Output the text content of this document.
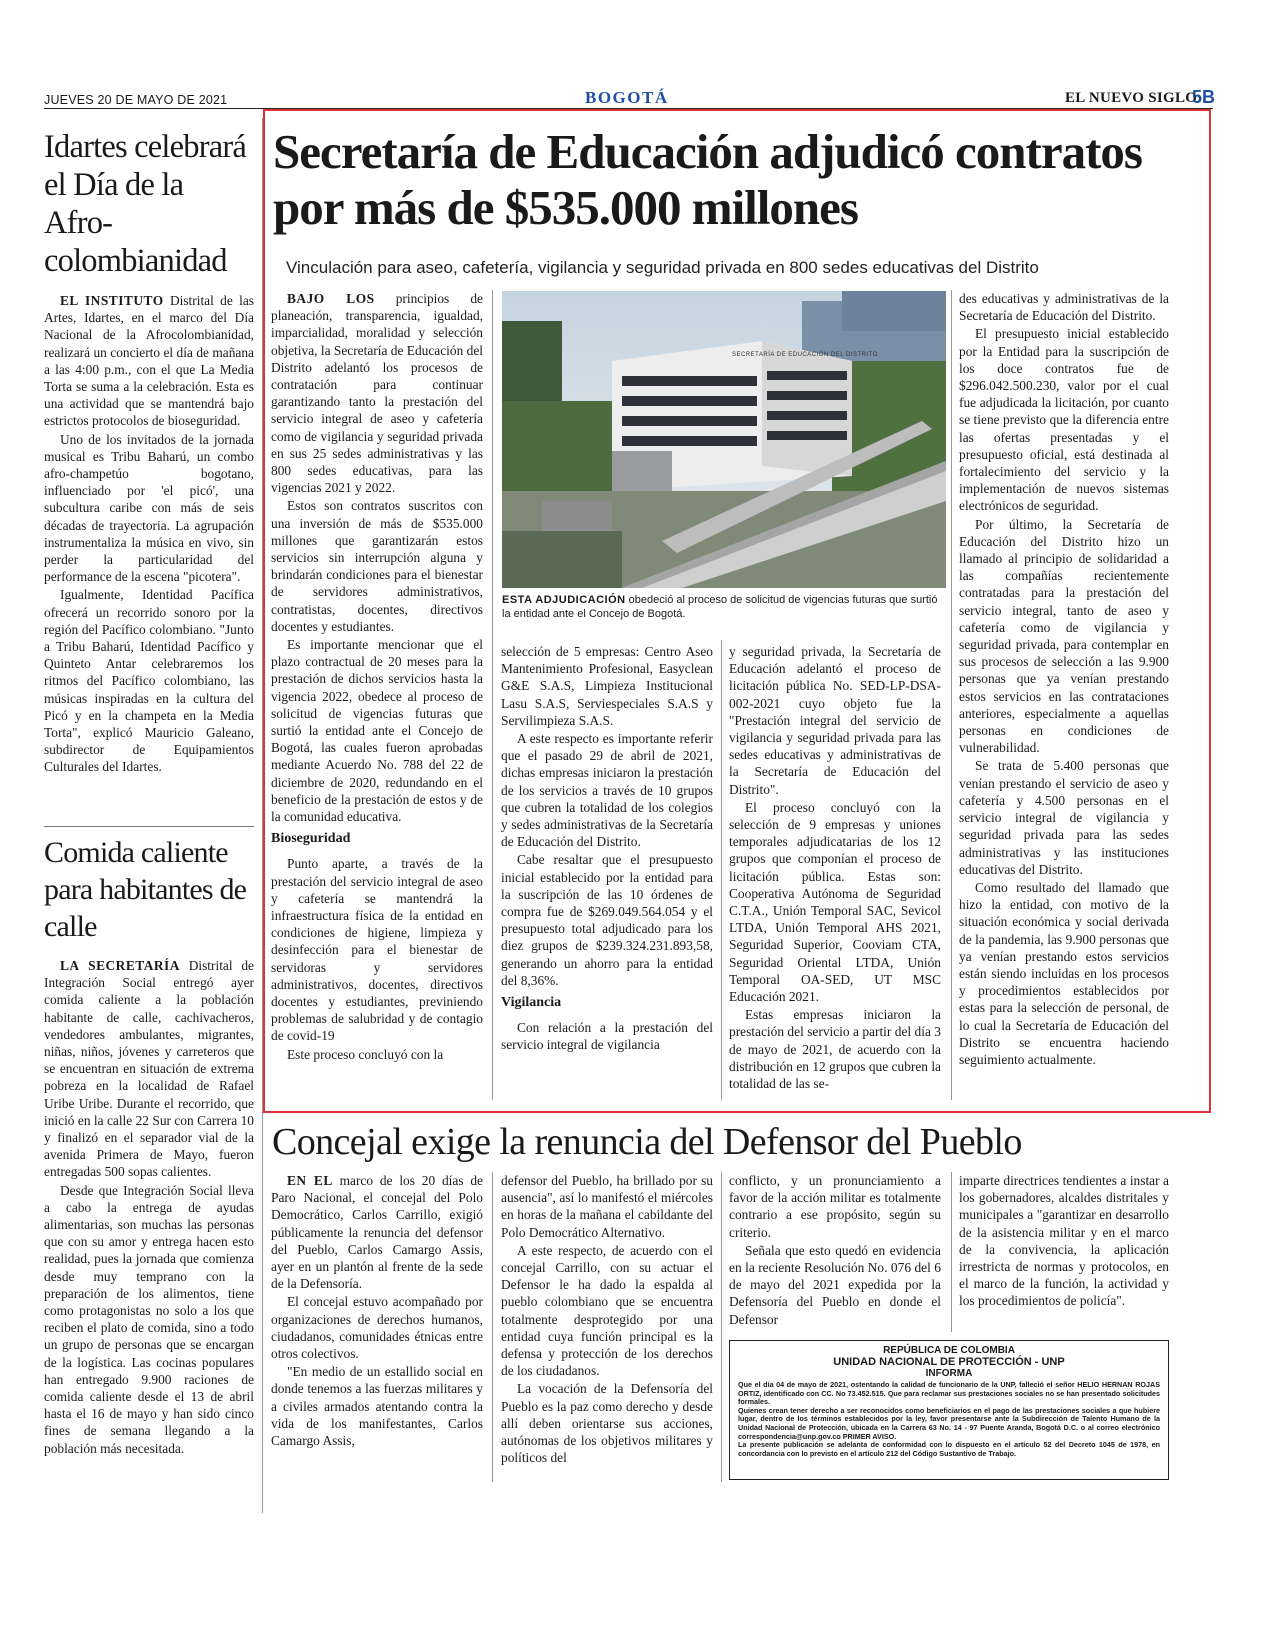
JUEVES 20 DE MAYO DE 2021	BOGOTÁ	EL NUEVO SIGLO
5B
Idartes celebrará el Día de la Afro-colombianidad

EL INSTITUTO Distrital de las Artes, Idartes, en el marco del Día Nacional de la Afrocolombianidad, realizará un concierto el día de mañana a las 4:00 p.m., con el que La Media Torta se suma a la celebración. Esta es una actividad que se mantendrá bajo estrictos protocolos de bioseguridad.

Uno de los invitados de la jornada musical es Tribu Baharú, un combo afro-champetúo bogotano, influenciado por 'el picó', una subcultura caribe con más de seis décadas de trayectoria. La agrupación instrumentaliza la música en vivo, sin perder la particularidad del performance de la escena "picotera".

Igualmente, Identidad Pacífica ofrecerá un recorrido sonoro por la región del Pacífico colombiano. "Junto a Tribu Baharú, Identidad Pacífico y Quinteto Antar celebraremos los ritmos del Pacífico colombiano, las músicas inspiradas en la cultura del Picó y en la champeta en la Media Torta", explicó Mauricio Galeano, subdirector de Equipamientos Culturales del Idartes.

Comida caliente para habitantes de calle

LA SECRETARÍA Distrital de Integración Social entregó ayer comida caliente a la población habitante de calle, cachivacheros, vendedores ambulantes, migrantes, niñas, niños, jóvenes y carreteros que se encuentran en situación de extrema pobreza en la localidad de Rafael Uribe Uribe. Durante el recorrido, que inició en la calle 22 Sur con Carrera 10 y finalizó en el separador vial de la avenida Primera de Mayo, fueron entregadas 500 sopas calientes.

Desde que Integración Social lleva a cabo la entrega de ayudas alimentarias, son muchas las personas que con su amor y entrega hacen esto realidad, pues la jornada que comienza desde muy temprano con la preparación de los alimentos, tiene como protagonistas no solo a los que reciben el plato de comida, sino a todo un grupo de personas que se encargan de la logística. Las cocinas populares han entregado 9.900 raciones de comida caliente desde el 13 de abril hasta el 16 de mayo y han sido cinco fines de semana llegando a la población más necesitada.

Secretaría de Educación adjudicó contratos por más de $535.000 millones
Vinculación para aseo, cafetería, vigilancia y seguridad privada en 800 sedes educativas del Distrito

BAJO LOS principios de planeación, transparencia, igualdad, imparcialidad, moralidad y selección objetiva, la Secretaría de Educación del Distrito adelantó los procesos de contratación para continuar garantizando tanto la prestación del servicio integral de aseo y cafetería como de vigilancia y seguridad privada en sus 25 sedes administrativas y las 800 sedes educativas, para las vigencias 2021 y 2022.

Estos son contratos suscritos con una inversión de más de $535.000 millones que garantizarán estos servicios sin interrupción alguna y brindarán condiciones para el bienestar de servidores administrativos, contratistas, docentes, directivos docentes y estudiantes.

Es importante mencionar que el plazo contractual de 20 meses para la prestación de dichos servicios hasta la vigencia 2022, obedece al proceso de solicitud de vigencias futuras que surtió la entidad ante el Concejo de Bogotá, las cuales fueron aprobadas mediante Acuerdo No. 788 del 22 de diciembre de 2020, redundando en el beneficio de la prestación de estos y de la comunidad educativa.

Bioseguridad

Punto aparte, a través de la prestación del servicio integral de aseo y cafetería se mantendrá la infraestructura física de la entidad en condiciones de higiene, limpieza y desinfección para el bienestar de servidoras y servidores administrativos, docentes, directivos docentes y estudiantes, previniendo problemas de salubridad y de contagio de covid-19

Este proceso concluyó con la

SECRETARÍA DE EDUCACIÓN DEL DISTRITO
ESTA ADJUDICACIÓN obedeció al proceso de solicitud de vigencias futuras que surtió la entidad ante el Concejo de Bogotá.

selección de 5 empresas: Centro Aseo Mantenimiento Profesional, Easyclean G&E S.A.S, Limpieza Institucional Lasu S.A.S, Serviespeciales S.A.S y Servilimpieza S.A.S.

A este respecto es importante referir que el pasado 29 de abril de 2021, dichas empresas iniciaron la prestación de los servicios a través de 10 grupos que cubren la totalidad de los colegios y sedes administrativas de la Secretaría de Educación del Distrito.

Cabe resaltar que el presupuesto inicial establecido por la entidad para la suscripción de las 10 órdenes de compra fue de $269.049.564.054 y el presupuesto total adjudicado para los diez grupos de $239.324.231.893,58, generando un ahorro para la entidad del 8,36%.

Vigilancia

Con relación a la prestación del servicio integral de vigilancia

y seguridad privada, la Secretaría de Educación adelantó el proceso de licitación pública No. SED-LP-DSA-002-2021 cuyo objeto fue la "Prestación integral del servicio de vigilancia y seguridad privada para las sedes educativas y administrativas de la Secretaría de Educación del Distrito".

El proceso concluyó con la selección de 9 empresas y uniones temporales adjudicatarias de los 12 grupos que componían el proceso de licitación pública. Estas son: Cooperativa Autónoma de Seguridad C.T.A., Unión Temporal SAC, Sevicol LTDA, Unión Temporal AHS 2021, Seguridad Superior, Cooviam CTA, Seguridad Oriental LTDA, Unión Temporal OA-SED, UT MSC Educación 2021.

Estas empresas iniciaron la prestación del servicio a partir del día 3 de mayo de 2021, de acuerdo con la distribución en 12 grupos que cubren la totalidad de las se-

des educativas y administrativas de la Secretaría de Educación del Distrito.

El presupuesto inicial establecido por la Entidad para la suscripción de los doce contratos fue de $296.042.500.230, valor por el cual fue adjudicada la licitación, por cuanto se tiene previsto que la diferencia entre las ofertas presentadas y el presupuesto oficial, está destinada al fortalecimiento del servicio y la implementación de nuevos sistemas electrónicos de seguridad.

Por último, la Secretaría de Educación del Distrito hizo un llamado al principio de solidaridad a las compañías recientemente contratadas para la prestación del servicio integral, tanto de aseo y cafetería como de vigilancia y seguridad privada, para contemplar en sus procesos de selección a las 9.900 personas que ya venían prestando estos servicios en las contrataciones anteriores, especialmente a aquellas personas en condiciones de vulnerabilidad.

Se trata de 5.400 personas que venían prestando el servicio de aseo y cafetería y 4.500 personas en el servicio integral de vigilancia y seguridad privada para las sedes administrativas y las instituciones educativas del Distrito.

Como resultado del llamado que hizo la entidad, con motivo de la situación económica y social derivada de la pandemia, las 9.900 personas que ya venían prestando estos servicios están siendo incluidas en los procesos y procedimientos establecidos por estas para la selección de personal, de lo cual la Secretaría de Educación del Distrito se encuentra haciendo seguimiento actualmente.

Concejal exige la renuncia del Defensor del Pueblo

EN EL marco de los 20 días de Paro Nacional, el concejal del Polo Democrático, Carlos Carrillo, exigió públicamente la renuncia del defensor del Pueblo, Carlos Camargo Assis, ayer en un plantón al frente de la sede de la Defensoría.

El concejal estuvo acompañado por organizaciones de derechos humanos, ciudadanos, comunidades étnicas entre otros colectivos.

"En medio de un estallido social en donde tenemos a las fuerzas militares y a civiles armados atentando contra la vida de los manifestantes, Carlos Camargo Assis,

defensor del Pueblo, ha brillado por su ausencia", así lo manifestó el miércoles en horas de la mañana el cabildante del Polo Democrático Alternativo.

A este respecto, de acuerdo con el concejal Carrillo, con su actuar el Defensor le ha dado la espalda al pueblo colombiano que se encuentra totalmente desprotegido por una entidad cuya función principal es la defensa y protección de los derechos de los ciudadanos.

La vocación de la Defensoría del Pueblo es la paz como derecho y desde allí deben orientarse sus acciones, autónomas de los objetivos militares y políticos del

conflicto, y un pronunciamiento a favor de la acción militar es totalmente contrario a ese propósito, según su criterio.

Señala que esto quedó en evidencia en la reciente Resolución No. 076 del 6 de mayo del 2021 expedida por la Defensoría del Pueblo en donde el Defensor

imparte directrices tendientes a instar a los gobernadores, alcaldes distritales y municipales a "garantizar en desarrollo de la asistencia militar y en el marco de la convivencia, la aplicación irrestricta de normas y protocolos, en el marco de la función, la actividad y los procedimientos de policía".

REPÚBLICA DE COLOMBIA
UNIDAD NACIONAL DE PROTECCIÓN - UNP
INFORMA
Que el día 04 de mayo de 2021, ostentando la calidad de funcionario de la UNP, falleció el señor HELIO HERNAN ROJAS ORTIZ, identificado con CC. No 73.452.515. Que para reclamar sus prestaciones sociales no se han presentado solicitudes formales.
Quienes crean tener derecho a ser reconocidos como beneficiarios en el pago de las prestaciones sociales a que hubiere lugar, dentro de los términos establecidos por la ley, favor presentarse ante la Subdirección de Talento Humano de la Unidad Nacional de Protección, ubicada en la Carrera 63 No. 14 - 97 Puente Aranda, Bogotá D.C. o al correo electrónico correspondencia@unp.gov.co PRIMER AVISO.
La presente publicación se adelanta de conformidad con lo dispuesto en el artículo 52 del Decreto 1045 de 1978, en concordancia con lo previsto en el artículo 212 del Código Sustantivo de Trabajo.
